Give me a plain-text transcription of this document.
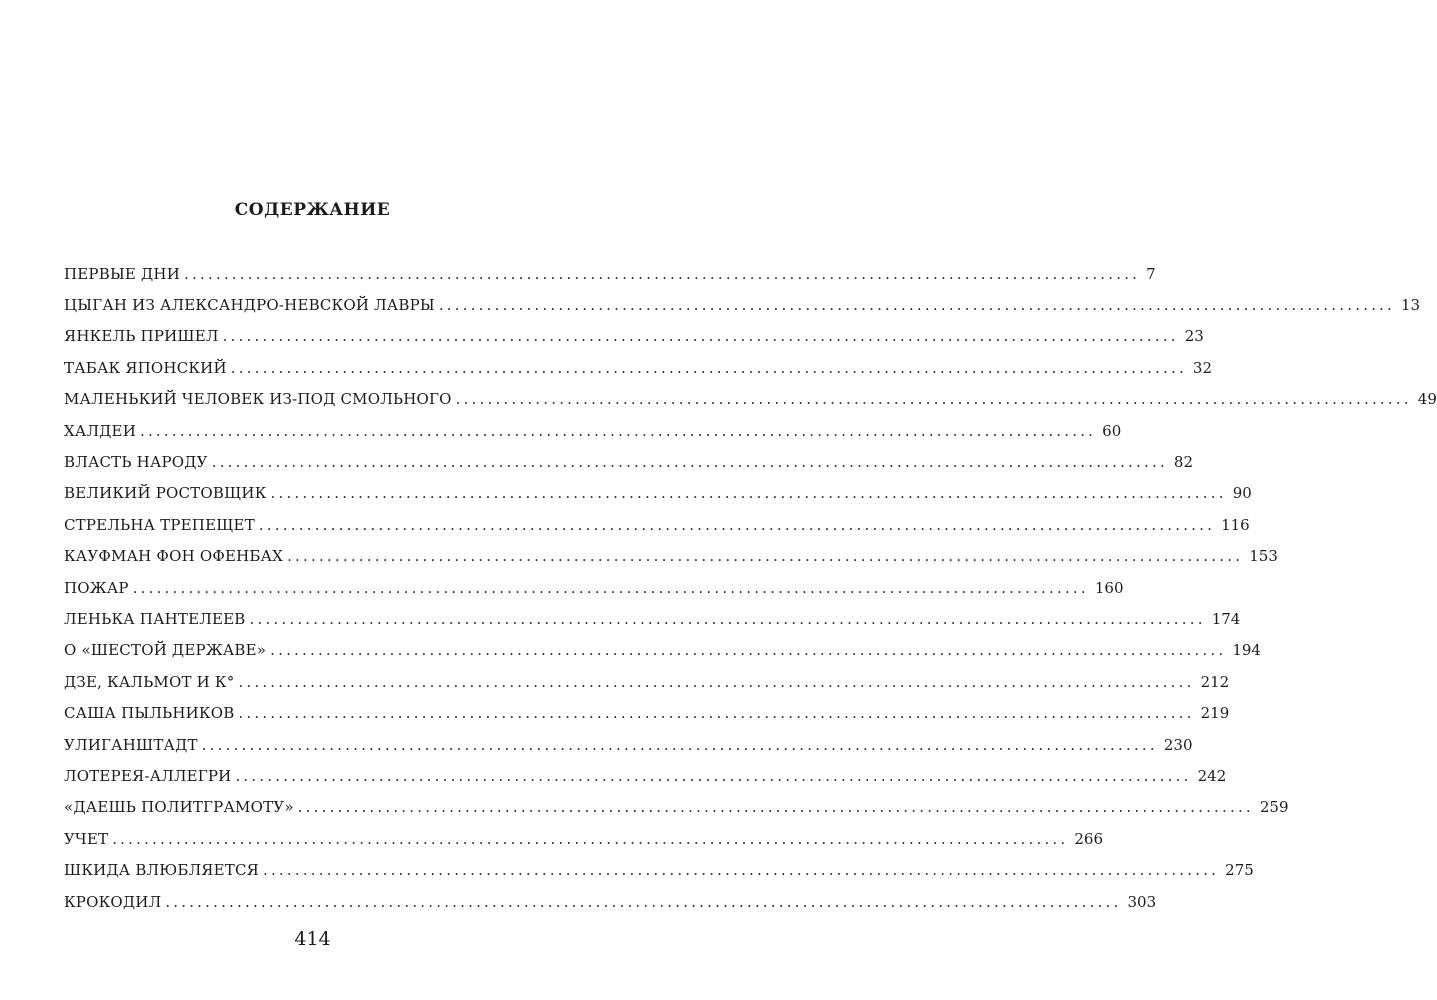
СОДЕРЖАНИЕ
ПЕРВЫЕ ДНИ ........................................................................................................................ 7
ЦЫГАН ИЗ АЛЕКСАНДРО-НЕВСКОЙ ЛАВРЫ ........................................................................................................................ 13
ЯНКЕЛЬ ПРИШЕЛ ........................................................................................................................ 23
ТАБАК ЯПОНСКИЙ ........................................................................................................................ 32
МАЛЕНЬКИЙ ЧЕЛОВЕК ИЗ-ПОД СМОЛЬНОГО ........................................................................................................................ 49
ХАЛДЕИ ........................................................................................................................ 60
ВЛАСТЬ НАРОДУ ........................................................................................................................ 82
ВЕЛИКИЙ РОСТОВЩИК ........................................................................................................................ 90
СТРЕЛЬНА ТРЕПЕЩЕТ ........................................................................................................................ 116
КАУФМАН ФОН ОФЕНБАХ ........................................................................................................................ 153
ПОЖАР ........................................................................................................................ 160
ЛЕНЬКА ПАНТЕЛЕЕВ ........................................................................................................................ 174
О «ШЕСТОЙ ДЕРЖАВЕ» ........................................................................................................................ 194
ДЗЕ, КАЛЬМОТ И К° ........................................................................................................................ 212
САША ПЫЛЬНИКОВ ........................................................................................................................ 219
УЛИГАНШТАДТ ........................................................................................................................ 230
ЛОТЕРЕЯ-АЛЛЕГРИ ........................................................................................................................ 242
«ДАЕШЬ ПОЛИТГРАМОТУ» ........................................................................................................................ 259
УЧЕТ ........................................................................................................................ 266
ШКИДА ВЛЮБЛЯЕТСЯ ........................................................................................................................ 275
КРОКОДИЛ ........................................................................................................................ 303
414
